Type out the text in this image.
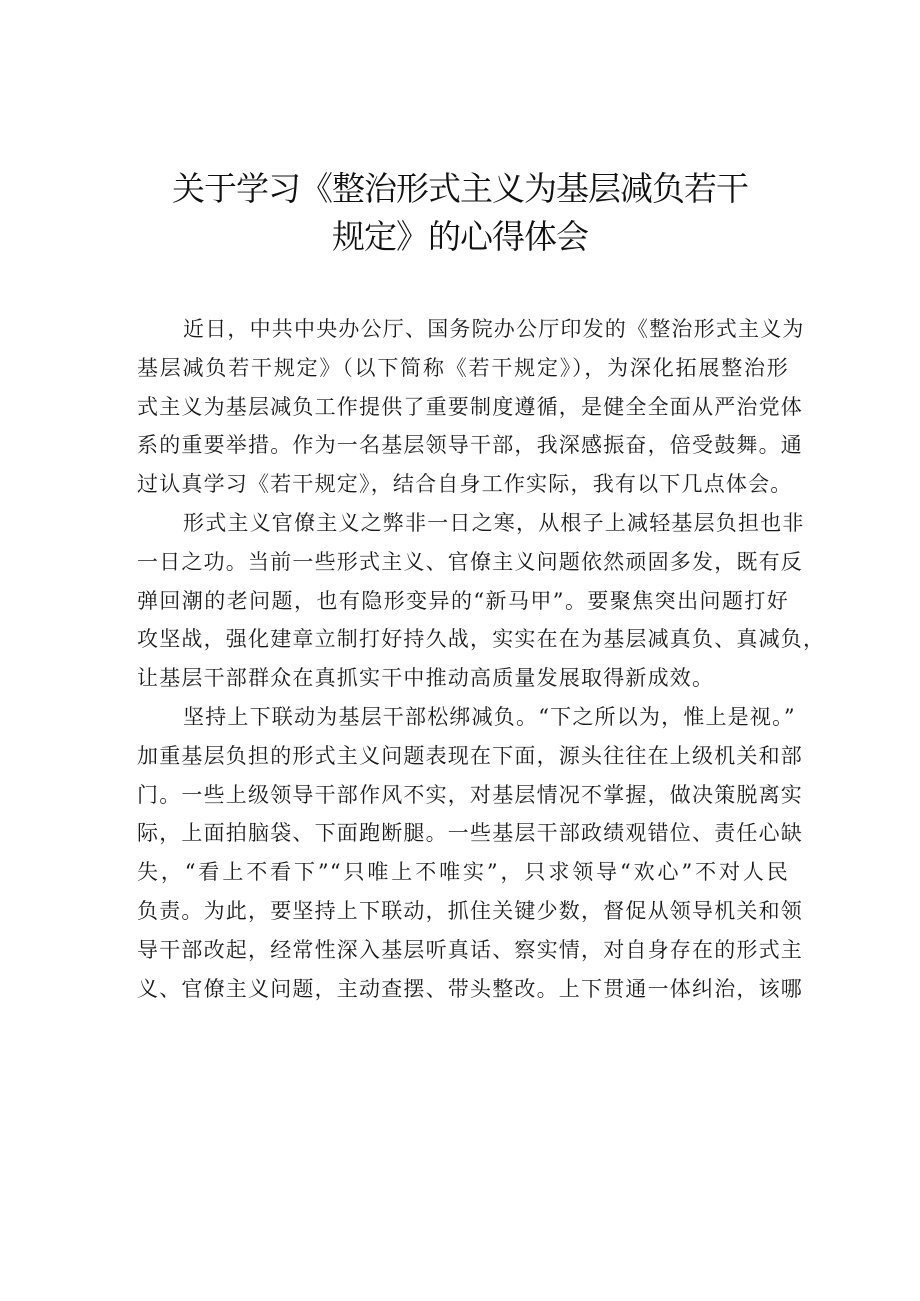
关于学习《整治形式主义为基层减负若干
规定》的心得体会
近日，中共中央办公厅、国务院办公厅印发的《整治形式主义为
基层减负若干规定》（以下简称《若干规定》），为深化拓展整治形
式主义为基层减负工作提供了重要制度遵循，是健全全面从严治党体
系的重要举措。作为一名基层领导干部，我深感振奋，倍受鼓舞。通
过认真学习《若干规定》，结合自身工作实际，我有以下几点体会。
形式主义官僚主义之弊非一日之寒，从根子上减轻基层负担也非
一日之功。当前一些形式主义、官僚主义问题依然顽固多发，既有反
弹回潮的老问题，也有隐形变异的“新马甲”。要聚焦突出问题打好
攻坚战，强化建章立制打好持久战，实实在在为基层减真负、真减负，
让基层干部群众在真抓实干中推动高质量发展取得新成效。
坚持上下联动为基层干部松绑减负。“下之所以为，惟上是视。”
加重基层负担的形式主义问题表现在下面，源头往往在上级机关和部
门。一些上级领导干部作风不实，对基层情况不掌握，做决策脱离实
际，上面拍脑袋、下面跑断腿。一些基层干部政绩观错位、责任心缺
失，“看上不看下”“只唯上不唯实”，只求领导“欢心”不对人民
负责。为此，要坚持上下联动，抓住关键少数，督促从领导机关和领
导干部改起，经常性深入基层听真话、察实情，对自身存在的形式主
义、官僚主义问题，主动查摆、带头整改。上下贯通一体纠治，该哪
